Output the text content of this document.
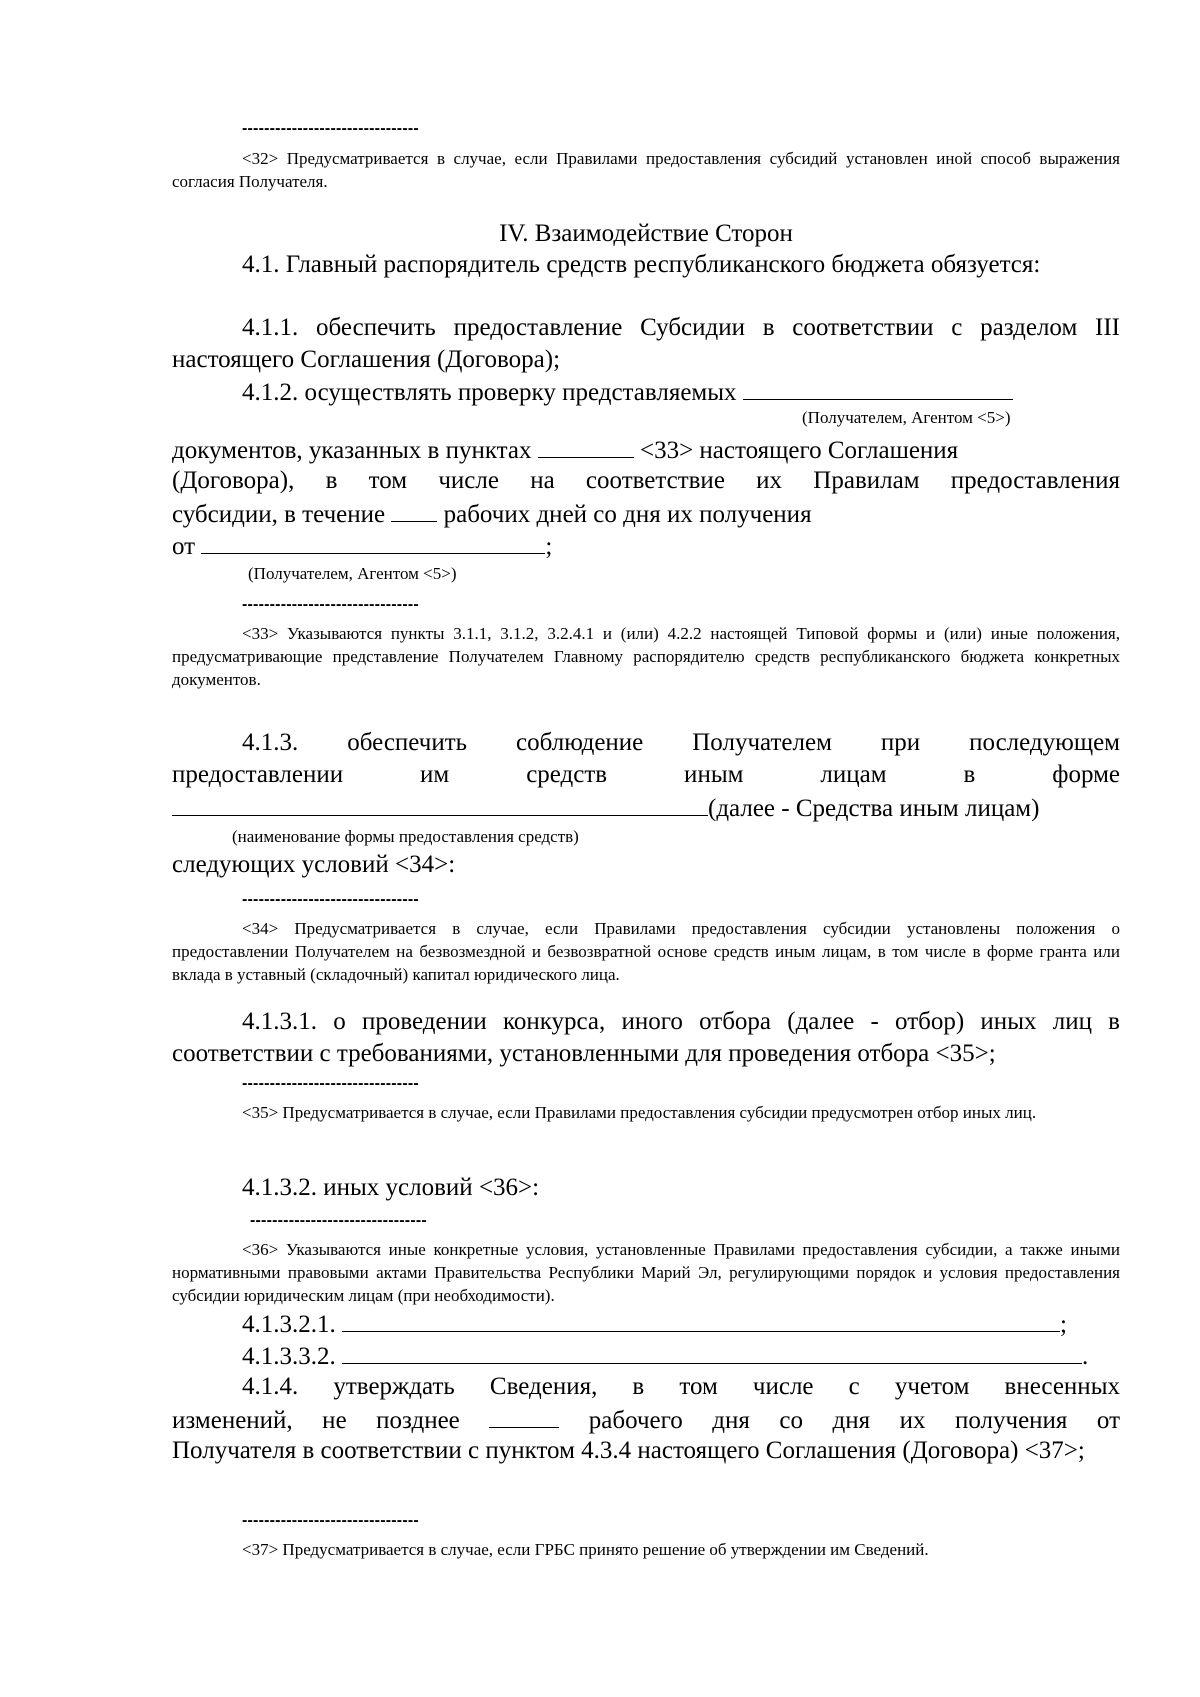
--------------------------------
<32> Предусматривается в случае, если Правилами предоставления субсидий установлен иной способ выражения согласия Получателя.
IV. Взаимодействие Сторон
4.1. Главный распорядитель средств республиканского бюджета обязуется:
4.1.1. обеспечить предоставление Субсидии в соответствии с разделом III настоящего Соглашения (Договора);
4.1.2. осуществлять проверку представляемых
(Получателем, Агентом <5>)
документов, указанных в пунктах	<33> настоящего Соглашения
(Договора), в том числе на соответствие их Правилам предоставления
субсидии, в течение рабочих дней со дня их получения
от	;
(Получателем, Агентом <5>)
--------------------------------
<33> Указываются пункты 3.1.1, 3.1.2, 3.2.4.1 и (или) 4.2.2 настоящей Типовой формы и (или) иные положения, предусматривающие представление Получателем Главному распорядителю средств республиканского бюджета конкретных документов.
4.1.3. обеспечить соблюдение Получателем при последующем
предоставлении им средств иным лицам в форме
(далее - Средства иным лицам)
(наименование формы предоставления средств)
следующих условий <34>:
--------------------------------
<34> Предусматривается в случае, если Правилами предоставления субсидии установлены положения о предоставлении Получателем на безвозмездной и безвозвратной основе средств иным лицам, в том числе в форме гранта или вклада в уставный (складочный) капитал юридического лица.
4.1.3.1. о проведении конкурса, иного отбора (далее - отбор) иных лиц в соответствии с требованиями, установленными для проведения отбора <35>;
--------------------------------
<35> Предусматривается в случае, если Правилами предоставления субсидии предусмотрен отбор иных лиц.
4.1.3.2. иных условий <36>:
--------------------------------
<36> Указываются иные конкретные условия, установленные Правилами предоставления субсидии, а также иными нормативными правовыми актами Правительства Республики Марий Эл, регулирующими порядок и условия предоставления субсидии юридическим лицам (при необходимости).
4.1.3.2.1.	;
4.1.3.3.2.	.
4.1.4. утверждать Сведения, в том числе с учетом внесенных
изменений, не позднее	рабочего дня со дня их получения от
Получателя в соответствии с пунктом 4.3.4 настоящего Соглашения (Договора) <37>;
--------------------------------
<37> Предусматривается в случае, если ГРБС принято решение об утверждении им Сведений.
